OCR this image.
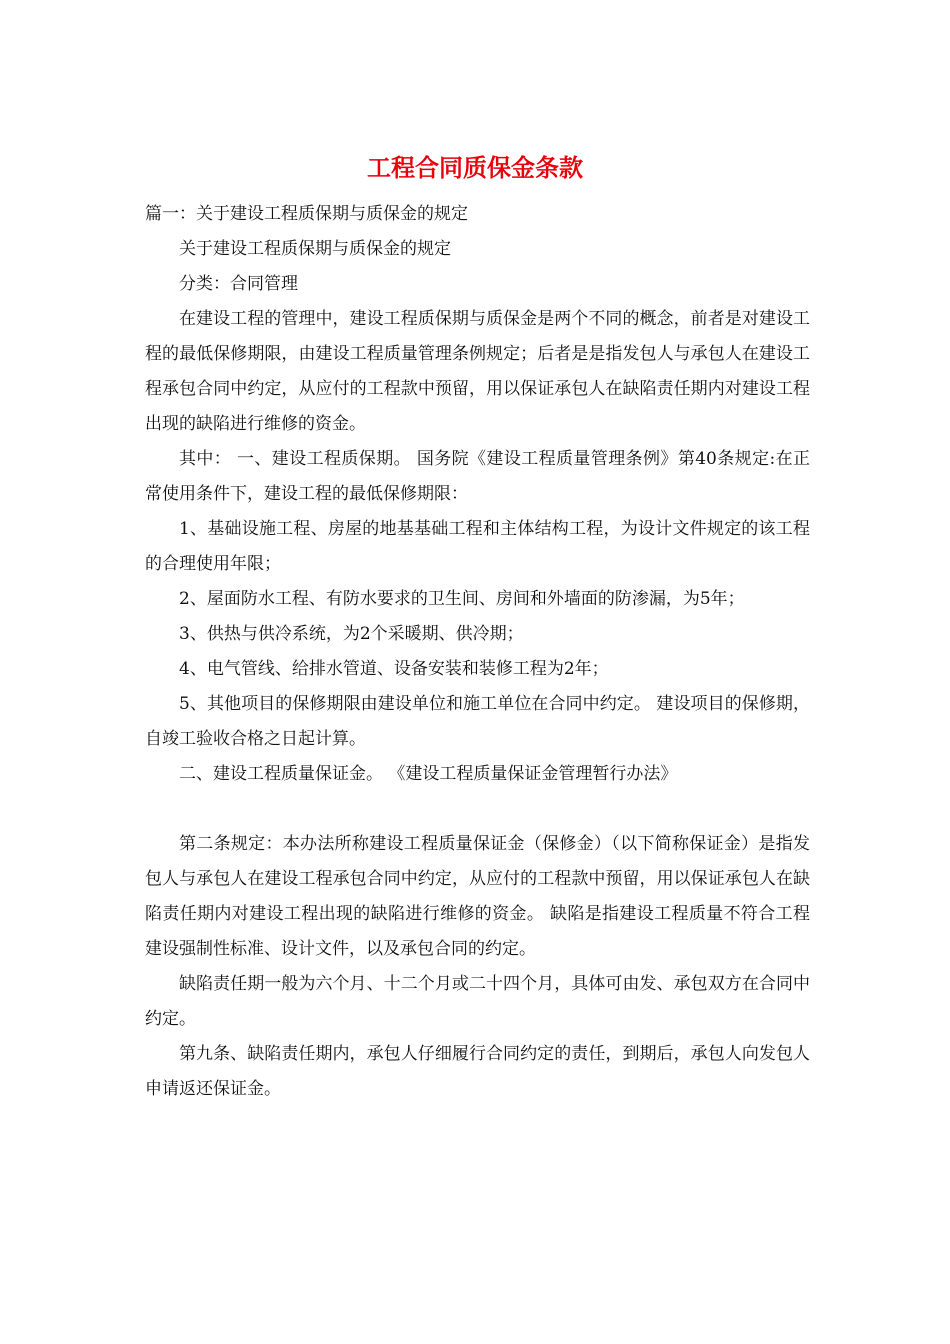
工程合同质保金条款

篇一：关于建设工程质保期与质保金的规定

关于建设工程质保期与质保金的规定

分类：合同管理

在建设工程的管理中，建设工程质保期与质保金是两个不同的概念，前者是对建设工程的最低保修期限，由建设工程质量管理条例规定；后者是是指发包人与承包人在建设工程承包合同中约定，从应付的工程款中预留，用以保证承包人在缺陷责任期内对建设工程出现的缺陷进行维修的资金。

其中： 一、建设工程质保期。 国务院《建设工程质量管理条例》第40条规定:在正常使用条件下，建设工程的最低保修期限：

1、基础设施工程、房屋的地基基础工程和主体结构工程，为设计文件规定的该工程的合理使用年限；

2、屋面防水工程、有防水要求的卫生间、房间和外墙面的防渗漏，为5年；

3、供热与供冷系统，为2个采暖期、供冷期；

4、电气管线、给排水管道、设备安装和装修工程为2年；

5、其他项目的保修期限由建设单位和施工单位在合同中约定。 建设项目的保修期，自竣工验收合格之日起计算。

二、建设工程质量保证金。 《建设工程质量保证金管理暂行办法》

第二条规定：本办法所称建设工程质量保证金（保修金）（以下简称保证金）是指发包人与承包人在建设工程承包合同中约定，从应付的工程款中预留，用以保证承包人在缺陷责任期内对建设工程出现的缺陷进行维修的资金。 缺陷是指建设工程质量不符合工程建设强制性标准、设计文件，以及承包合同的约定。

缺陷责任期一般为六个月、十二个月或二十四个月，具体可由发、承包双方在合同中约定。

第九条、缺陷责任期内，承包人仔细履行合同约定的责任，到期后，承包人向发包人申请返还保证金。
